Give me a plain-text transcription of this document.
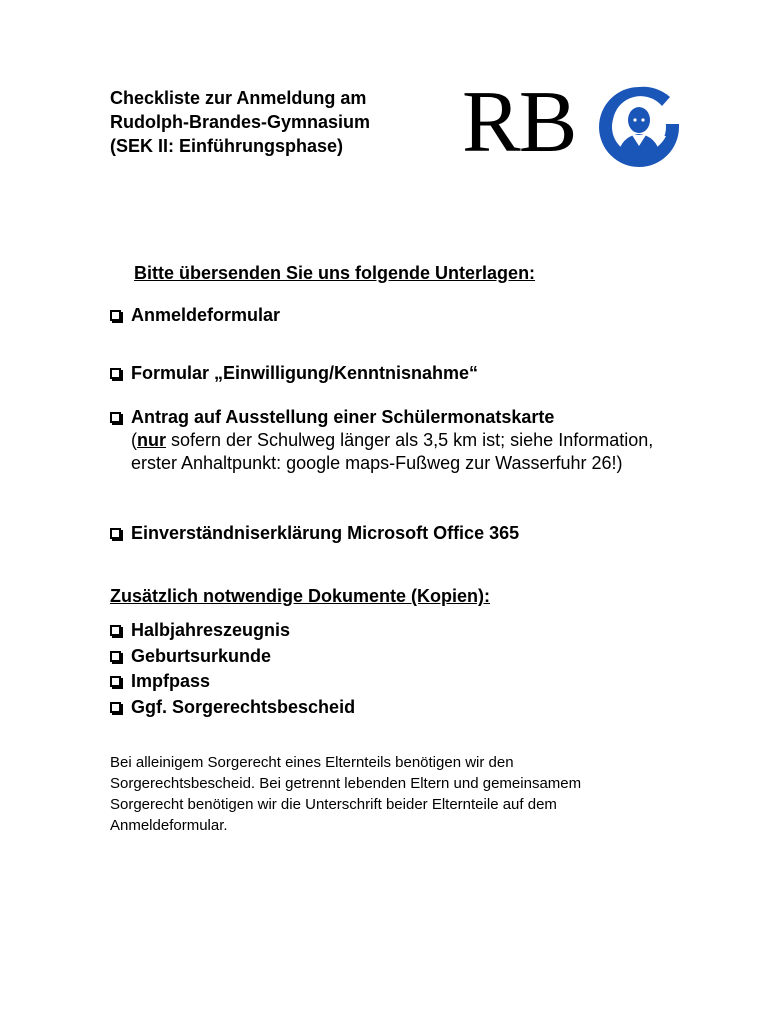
Checkliste zur Anmeldung am
Rudolph-Brandes-Gymnasium
(SEK II: Einführungsphase)	RB
Bitte übersenden Sie uns folgende Unterlagen:
Anmeldeformular
Formular „Einwilligung/Kenntnisnahme“
Antrag auf Ausstellung einer Schülermonatskarte
(nur sofern der Schulweg länger als 3,5 km ist; siehe Information, erster Anhaltpunkt: google maps-Fußweg zur Wasserfuhr 26!)
Einverständniserklärung Microsoft Office 365
Zusätzlich notwendige Dokumente (Kopien):
Halbjahreszeugnis
Geburtsurkunde
Impfpass
Ggf. Sorgerechtsbescheid

Bei alleinigem Sorgerecht eines Elternteils benötigen wir den Sorgerechtsbescheid. Bei getrennt lebenden Eltern und gemeinsamem Sorgerecht benötigen wir die Unterschrift beider Elternteile auf dem Anmeldeformular.
